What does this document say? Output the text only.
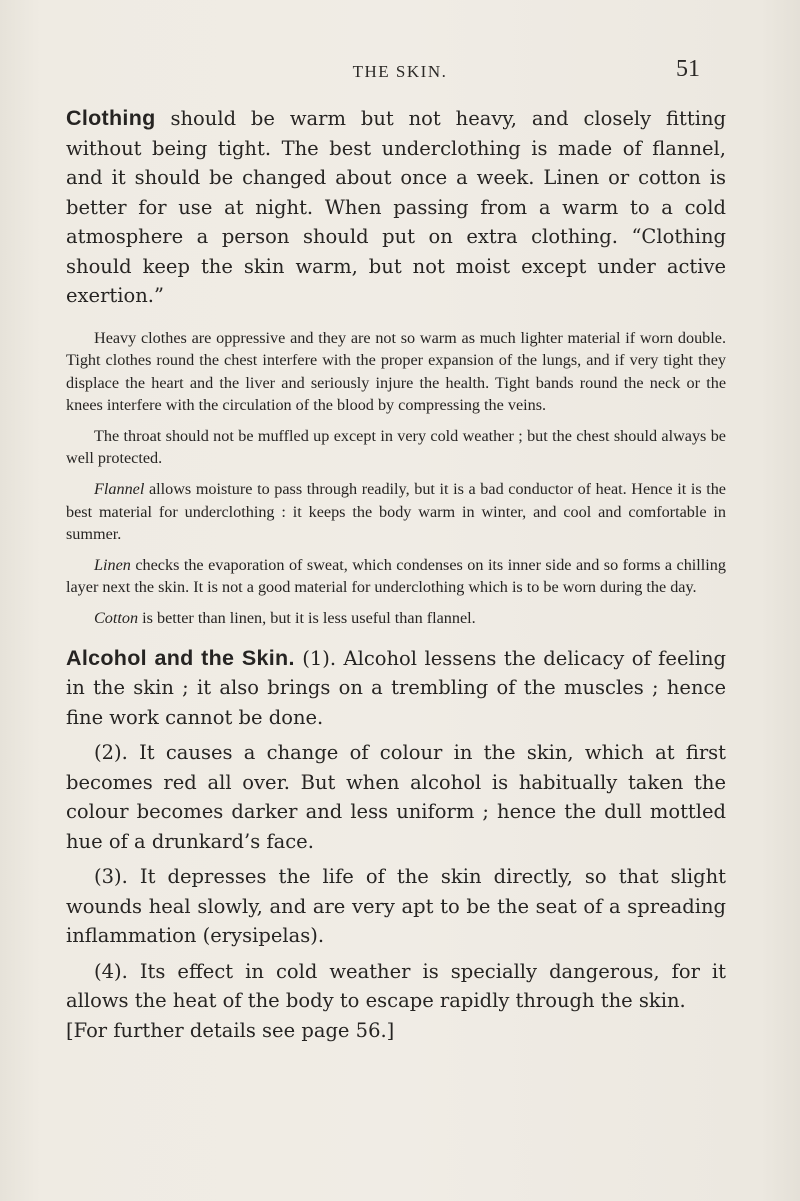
THE SKIN.	51

Clothing should be warm but not heavy, and closely fitting without being tight. The best underclothing is made of flannel, and it should be changed about once a week. Linen or cotton is better for use at night. When passing from a warm to a cold atmosphere a person should put on extra clothing. “Clothing should keep the skin warm, but not moist except under active exertion.”

Heavy clothes are oppressive and they are not so warm as much lighter material if worn double. Tight clothes round the chest interfere with the proper expansion of the lungs, and if very tight they displace the heart and the liver and seriously injure the health. Tight bands round the neck or the knees interfere with the circulation of the blood by compressing the veins.

The throat should not be muffled up except in very cold weather ; but the chest should always be well protected.

Flannel allows moisture to pass through readily, but it is a bad conductor of heat. Hence it is the best material for underclothing : it keeps the body warm in winter, and cool and comfortable in summer.

Linen checks the evaporation of sweat, which condenses on its inner side and so forms a chilling layer next the skin. It is not a good material for underclothing which is to be worn during the day.

Cotton is better than linen, but it is less useful than flannel.

Alcohol and the Skin. (1). Alcohol lessens the delicacy of feeling in the skin ; it also brings on a trembling of the muscles ; hence fine work cannot be done.

(2). It causes a change of colour in the skin, which at first becomes red all over. But when alcohol is habitually taken the colour becomes darker and less uniform ; hence the dull mottled hue of a drunkard’s face.

(3). It depresses the life of the skin directly, so that slight wounds heal slowly, and are very apt to be the seat of a spreading inflammation (erysipelas).

(4). Its effect in cold weather is specially dangerous, for it allows the heat of the body to escape rapidly through the skin.

[For further details see page 56.]
